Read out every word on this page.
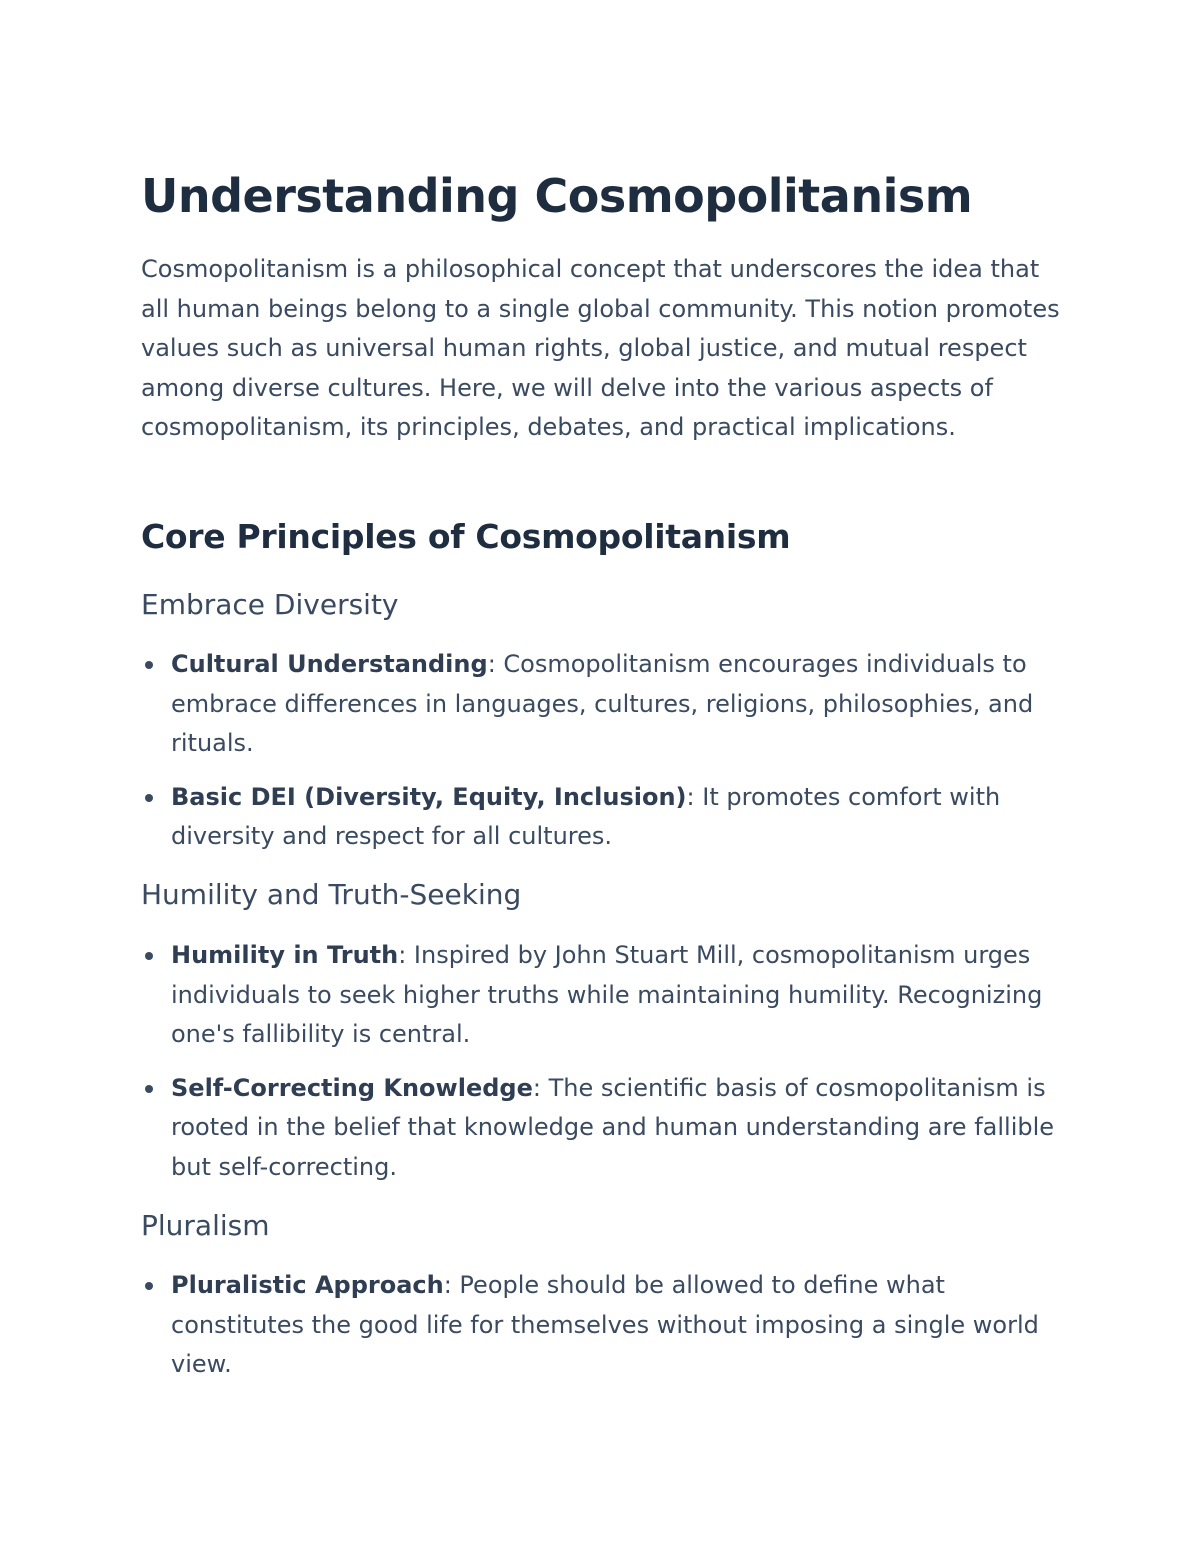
Understanding Cosmopolitanism

Cosmopolitanism is a philosophical concept that underscores the idea that all human beings belong to a single global community. This notion promotes values such as universal human rights, global justice, and mutual respect among diverse cultures. Here, we will delve into the various aspects of cosmopolitanism, its principles, debates, and practical implications.

Core Principles of Cosmopolitanism
Embrace Diversity
Cultural Understanding: Cosmopolitanism encourages individuals to embrace differences in languages, cultures, religions, philosophies, and rituals.
Basic DEI (Diversity, Equity, Inclusion): It promotes comfort with diversity and respect for all cultures.
Humility and Truth-Seeking
Humility in Truth: Inspired by John Stuart Mill, cosmopolitanism urges individuals to seek higher truths while maintaining humility. Recognizing one's fallibility is central.
Self-Correcting Knowledge: The scientific basis of cosmopolitanism is rooted in the belief that knowledge and human understanding are fallible but self-correcting.
Pluralism
Pluralistic Approach: People should be allowed to define what constitutes the good life for themselves without imposing a single world view.
